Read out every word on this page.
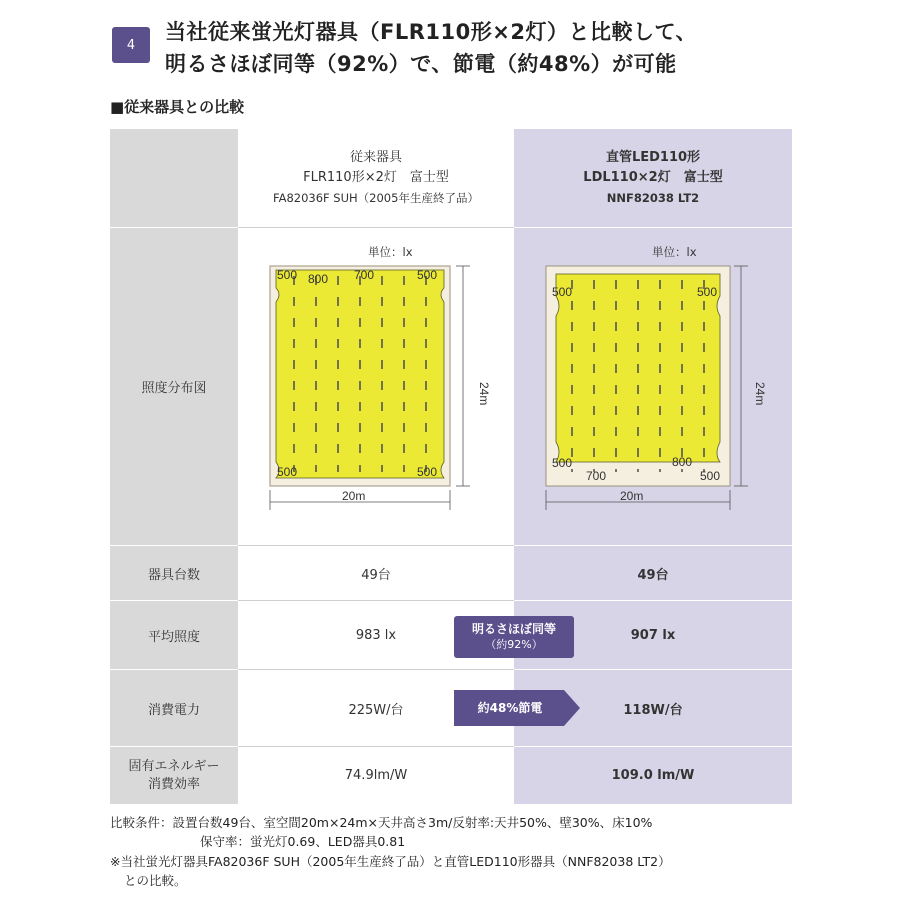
4
当社従来蛍光灯器具（FLR110形×2灯）と比較して、
明るさほぼ同等（92%）で、節電（約48%）が可能
■従来器具との比較
従来器具
FLR110形×2灯　富士型
FA82036F SUH（2005年生産終了品）
直管LED110形
LDL110×2灯　富士型
NNF82038 LT2
照度分布図
器具台数	49台	49台
平均照度	983 lx	907 lx
消費電力	225W/台	118W/台
固有エネルギー
消費効率
74.9lm/W	109.0 lm/W
単位：lx
500 800 700	500
500	500
20m
24m
単位：lx
500	500
500
700
800
500
20m
24m
明るさほぼ同等
（約92%）
約48%節電
比較条件：設置台数49台、室空間20m×24m×天井高さ3m/反射率:天井50%、壁30%、床10%
保守率：蛍光灯0.69、LED器具0.81
※当社蛍光灯器具FA82036F SUH（2005年生産終了品）と直管LED110形器具（NNF82038 LT2）
との比較。
